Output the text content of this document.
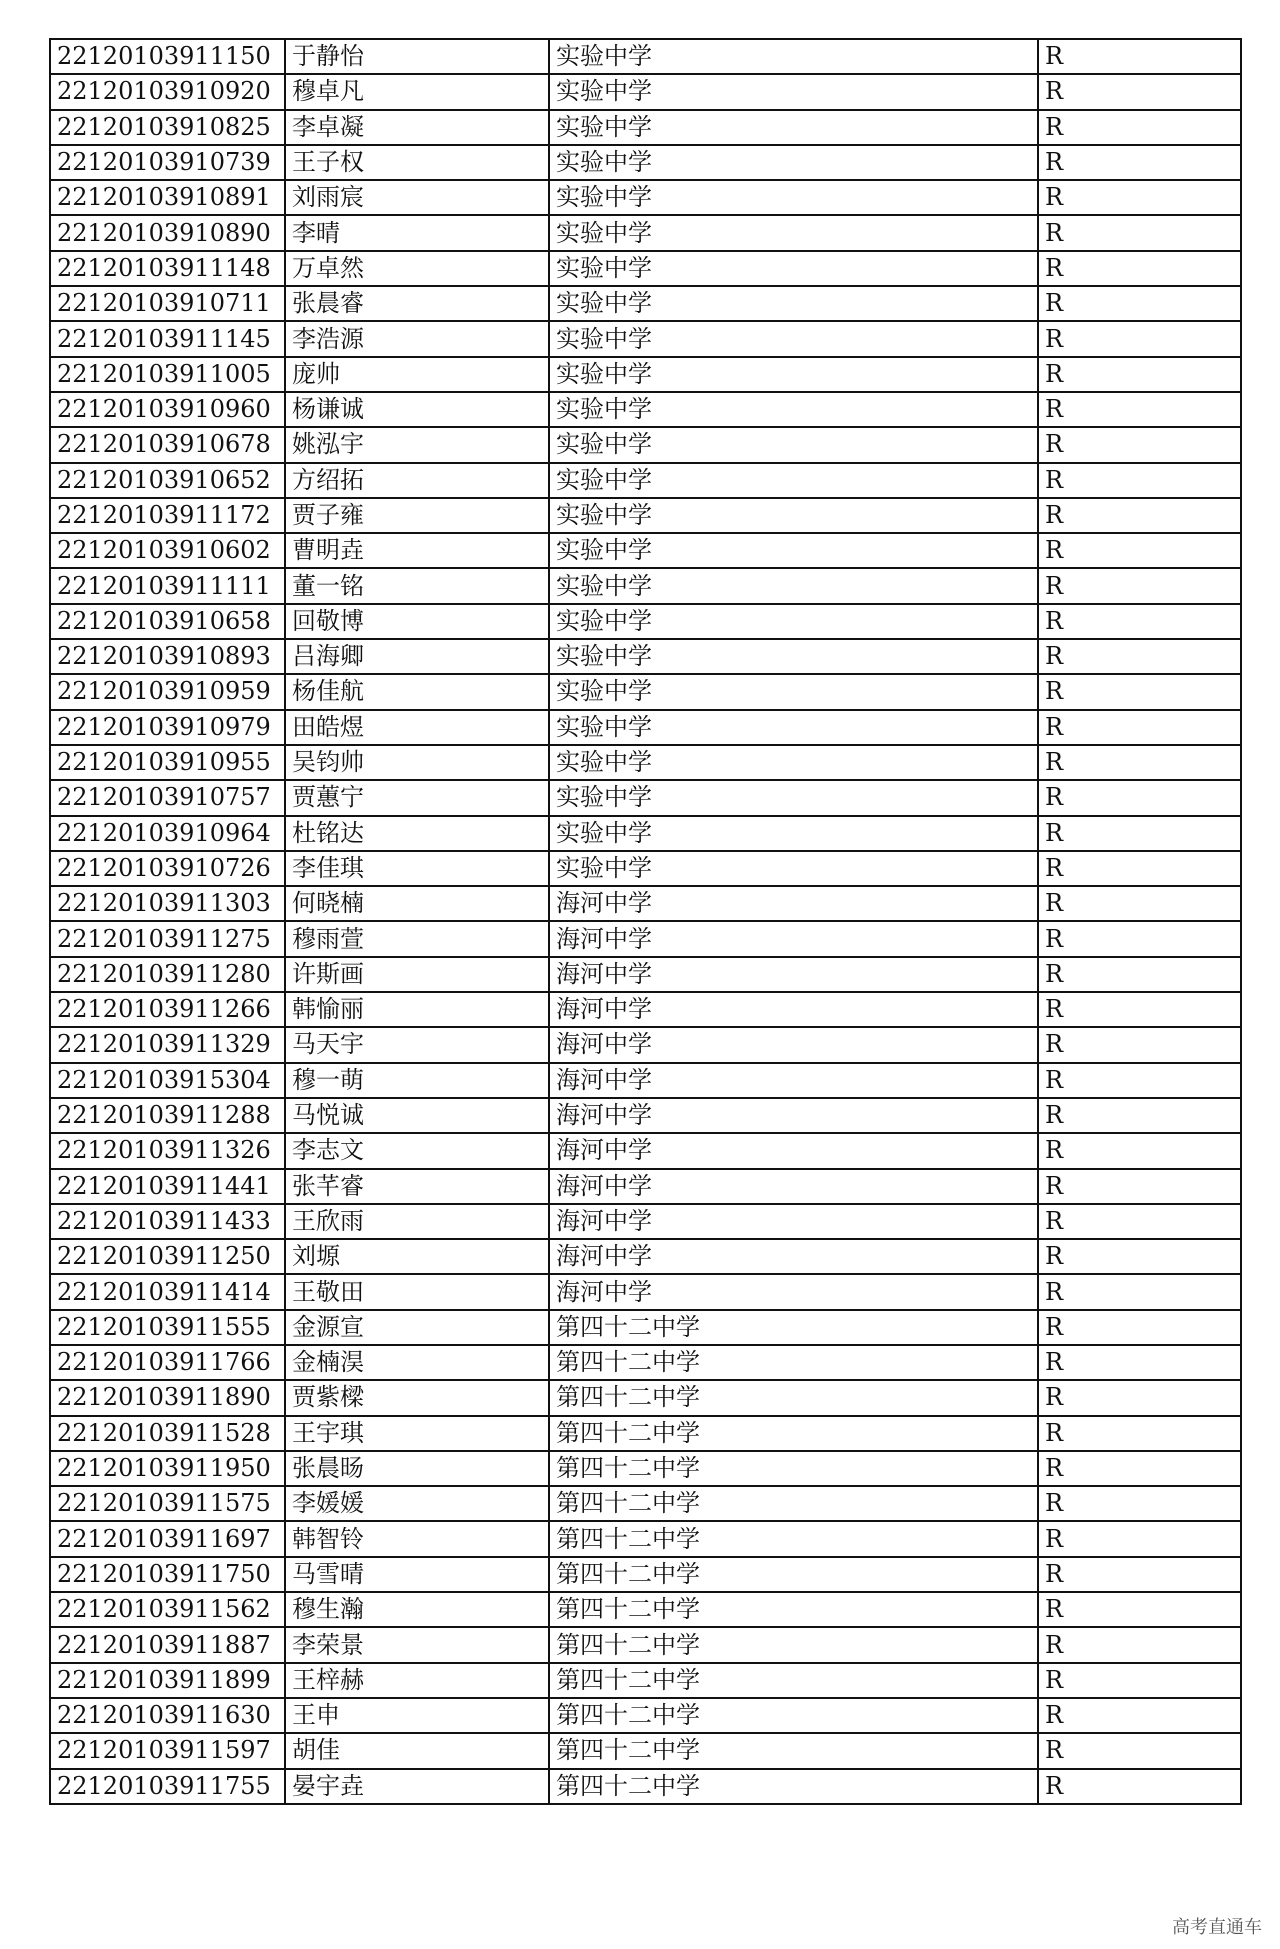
22120103911150	于静怡	实验中学	R
22120103910920	穆卓凡	实验中学	R
22120103910825	李卓凝	实验中学	R
22120103910739	王子权	实验中学	R
22120103910891	刘雨宸	实验中学	R
22120103910890	李晴	实验中学	R
22120103911148	万卓然	实验中学	R
22120103910711	张晨睿	实验中学	R
22120103911145	李浩源	实验中学	R
22120103911005	庞帅	实验中学	R
22120103910960	杨谦诚	实验中学	R
22120103910678	姚泓宇	实验中学	R
22120103910652	方绍拓	实验中学	R
22120103911172	贾子雍	实验中学	R
22120103910602	曹明垚	实验中学	R
22120103911111	董一铭	实验中学	R
22120103910658	回敬博	实验中学	R
22120103910893	吕海卿	实验中学	R
22120103910959	杨佳航	实验中学	R
22120103910979	田皓煜	实验中学	R
22120103910955	吴钧帅	实验中学	R
22120103910757	贾蕙宁	实验中学	R
22120103910964	杜铭达	实验中学	R
22120103910726	李佳琪	实验中学	R
22120103911303	何晓楠	海河中学	R
22120103911275	穆雨萱	海河中学	R
22120103911280	许斯画	海河中学	R
22120103911266	韩愉丽	海河中学	R
22120103911329	马天宇	海河中学	R
22120103915304	穆一萌	海河中学	R
22120103911288	马悦诚	海河中学	R
22120103911326	李志文	海河中学	R
22120103911441	张芊睿	海河中学	R
22120103911433	王欣雨	海河中学	R
22120103911250	刘塬	海河中学	R
22120103911414	王敬田	海河中学	R
22120103911555	金源宣	第四十二中学	R
22120103911766	金楠淏	第四十二中学	R
22120103911890	贾紫樑	第四十二中学	R
22120103911528	王宇琪	第四十二中学	R
22120103911950	张晨旸	第四十二中学	R
22120103911575	李媛媛	第四十二中学	R
22120103911697	韩智铃	第四十二中学	R
22120103911750	马雪晴	第四十二中学	R
22120103911562	穆生瀚	第四十二中学	R
22120103911887	李荣景	第四十二中学	R
22120103911899	王梓赫	第四十二中学	R
22120103911630	王申	第四十二中学	R
22120103911597	胡佳	第四十二中学	R
22120103911755	晏宇垚	第四十二中学	R
高考直通车
